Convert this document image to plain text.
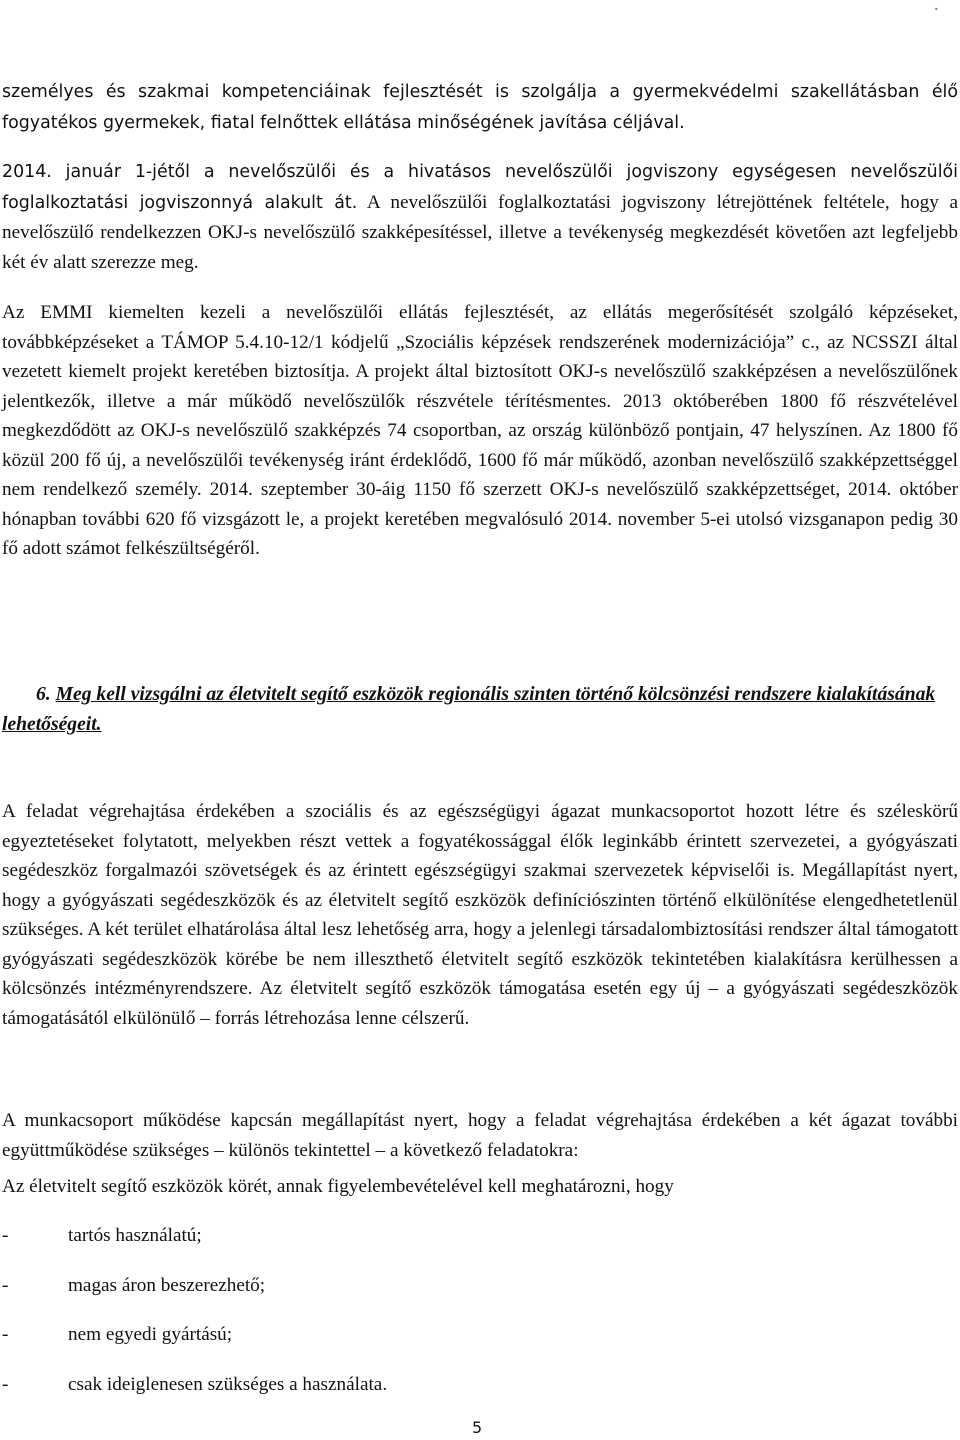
.

személyes és szakmai kompetenciáinak fejlesztését is szolgálja a gyermekvédelmi szakellátásban élő fogyatékos gyermekek, fiatal felnőttek ellátása minőségének javítása céljával.

2014. január 1-jétől a nevelőszülői és a hivatásos nevelőszülői jogviszony egységesen nevelőszülői foglalkoztatási jogviszonnyá alakult át. A nevelőszülői foglalkoztatási jogviszony létrejöttének feltétele, hogy a nevelőszülő rendelkezzen OKJ-s nevelőszülő szakképesítéssel, illetve a tevékenység megkezdését követően azt legfeljebb két év alatt szerezze meg.

Az EMMI kiemelten kezeli a nevelőszülői ellátás fejlesztését, az ellátás megerősítését szolgáló képzéseket, továbbképzéseket a TÁMOP 5.4.10-12/1 kódjelű „Szociális képzések rendszerének modernizációja” c., az NCSSZI által vezetett kiemelt projekt keretében biztosítja. A projekt által biztosított OKJ-s nevelőszülő szakképzésen a nevelőszülőnek jelentkezők, illetve a már működő nevelőszülők részvétele térítésmentes. 2013 októberében 1800 fő részvételével megkezdődött az OKJ-s nevelőszülő szakképzés 74 csoportban, az ország különböző pontjain, 47 helyszínen. Az 1800 fő közül 200 fő új, a nevelőszülői tevékenység iránt érdeklődő, 1600 fő már működő, azonban nevelőszülő szakképzettséggel nem rendelkező személy. 2014. szeptember 30-áig 1150 fő szerzett OKJ-s nevelőszülő szakképzettséget, 2014. október hónapban további 620 fő vizsgázott le, a projekt keretében megvalósuló 2014. november 5-ei utolsó vizsganapon pedig 30 fő adott számot felkészültségéről.

6. Meg kell vizsgálni az életvitelt segítő eszközök regionális szinten történő kölcsönzési rendszere kialakításának lehetőségeit.

A feladat végrehajtása érdekében a szociális és az egészségügyi ágazat munkacsoportot hozott létre és széleskörű egyeztetéseket folytatott, melyekben részt vettek a fogyatékossággal élők leginkább érintett szervezetei, a gyógyászati segédeszköz forgalmazói szövetségek és az érintett egészségügyi szakmai szervezetek képviselői is. Megállapítást nyert, hogy a gyógyászati segédeszközök és az életvitelt segítő eszközök definíciószinten történő elkülönítése elengedhetetlenül szükséges. A két terület elhatárolása által lesz lehetőség arra, hogy a jelenlegi társadalombiztosítási rendszer által támogatott gyógyászati segédeszközök körébe be nem illeszthető életvitelt segítő eszközök tekintetében kialakításra kerülhessen a kölcsönzés intézményrendszere. Az életvitelt segítő eszközök támogatása esetén egy új – a gyógyászati segédeszközök támogatásától elkülönülő – forrás létrehozása lenne célszerű.

A munkacsoport működése kapcsán megállapítást nyert, hogy a feladat végrehajtása érdekében a két ágazat további együttműködése szükséges – különös tekintettel – a következő feladatokra:

Az életvitelt segítő eszközök körét, annak figyelembevételével kell meghatározni, hogy

-	tartós használatú;

-	magas áron beszerezhető;

-	nem egyedi gyártású;

-	csak ideiglenesen szükséges a használata.

5
